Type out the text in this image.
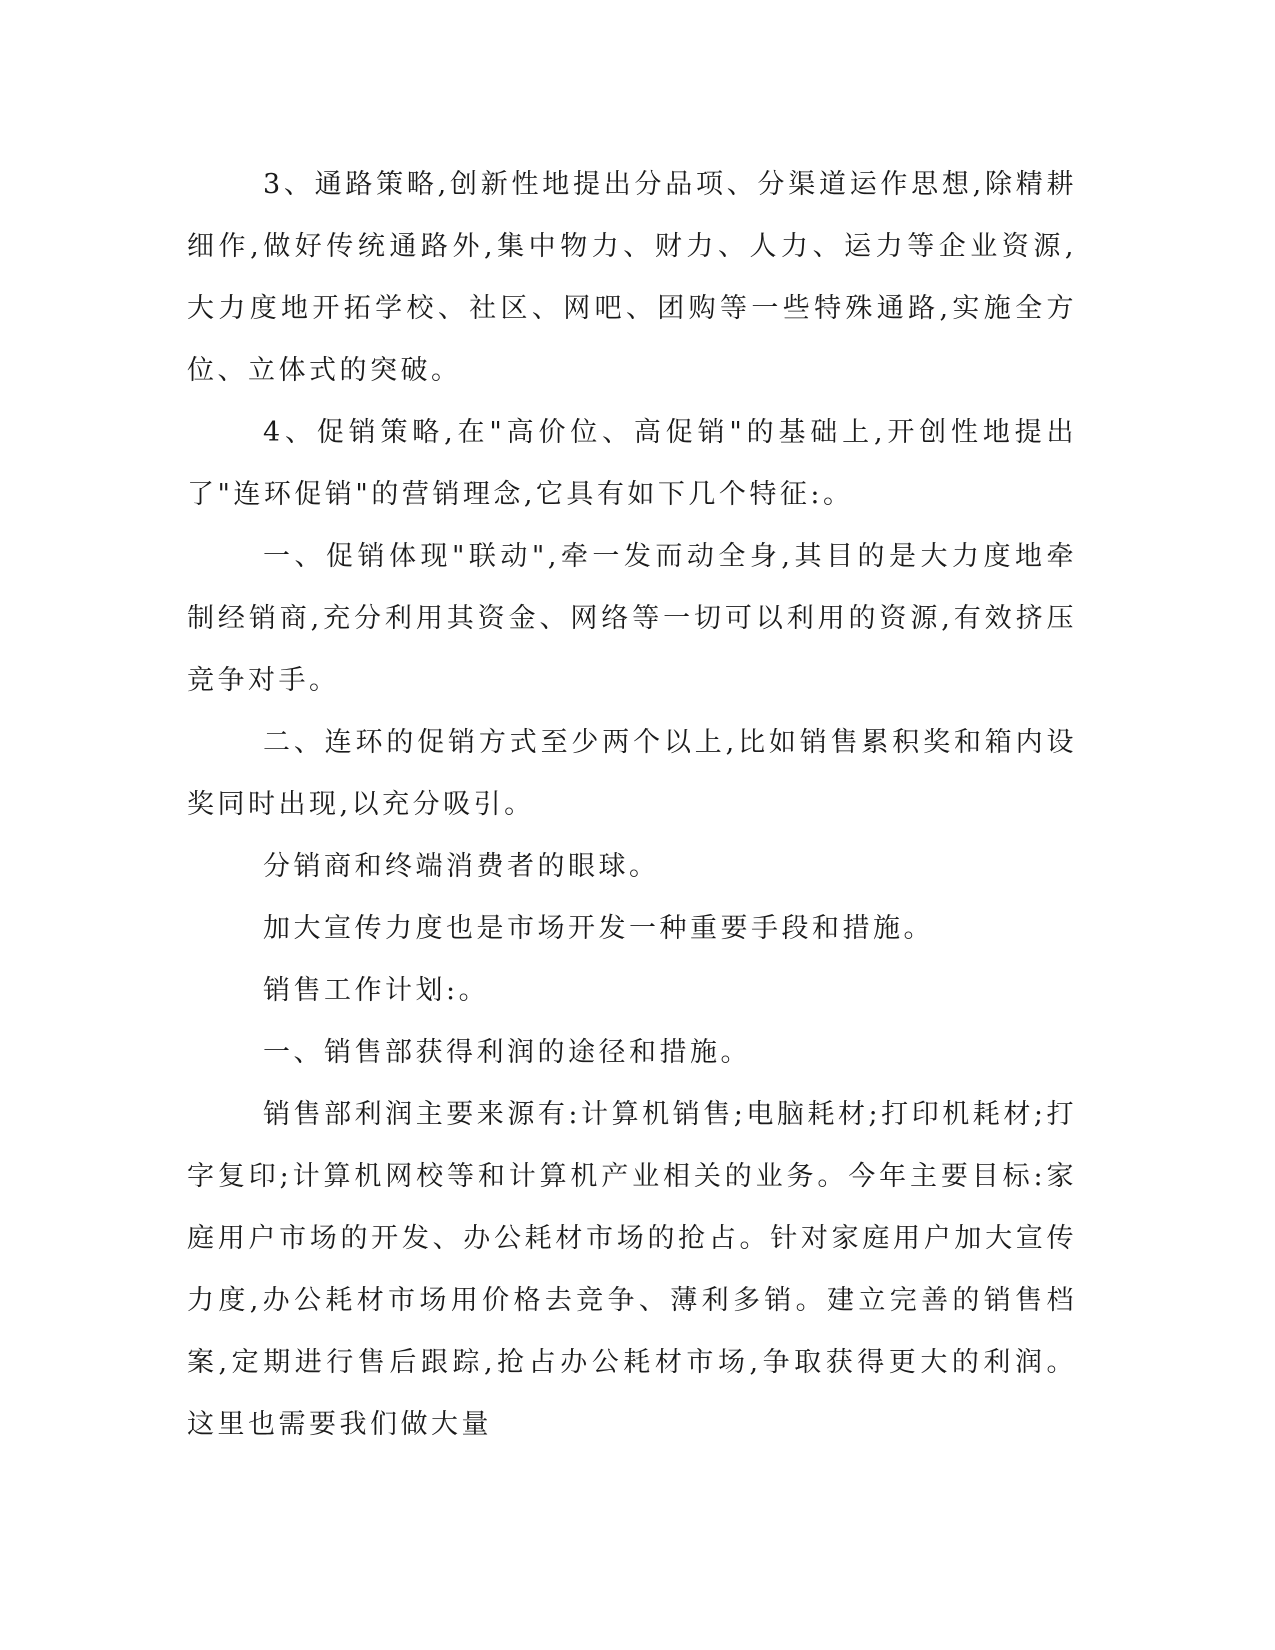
3、通路策略,创新性地提出分品项、分渠道运作思想,除精耕细作,做好传统通路外,集中物力、财力、人力、运力等企业资源,大力度地开拓学校、社区、网吧、团购等一些特殊通路,实施全方位、立体式的突破。

4、促销策略,在"高价位、高促销"的基础上,开创性地提出了"连环促销"的营销理念,它具有如下几个特征:。

一、促销体现"联动",牵一发而动全身,其目的是大力度地牵制经销商,充分利用其资金、网络等一切可以利用的资源,有效挤压竞争对手。

二、连环的促销方式至少两个以上,比如销售累积奖和箱内设奖同时出现,以充分吸引。

分销商和终端消费者的眼球。

加大宣传力度也是市场开发一种重要手段和措施。

销售工作计划:。

一、销售部获得利润的途径和措施。

销售部利润主要来源有:计算机销售;电脑耗材;打印机耗材;打字复印;计算机网校等和计算机产业相关的业务。今年主要目标:家庭用户市场的开发、办公耗材市场的抢占。针对家庭用户加大宣传力度,办公耗材市场用价格去竞争、薄利多销。建立完善的销售档案,定期进行售后跟踪,抢占办公耗材市场,争取获得更大的利润。这里也需要我们做大量
